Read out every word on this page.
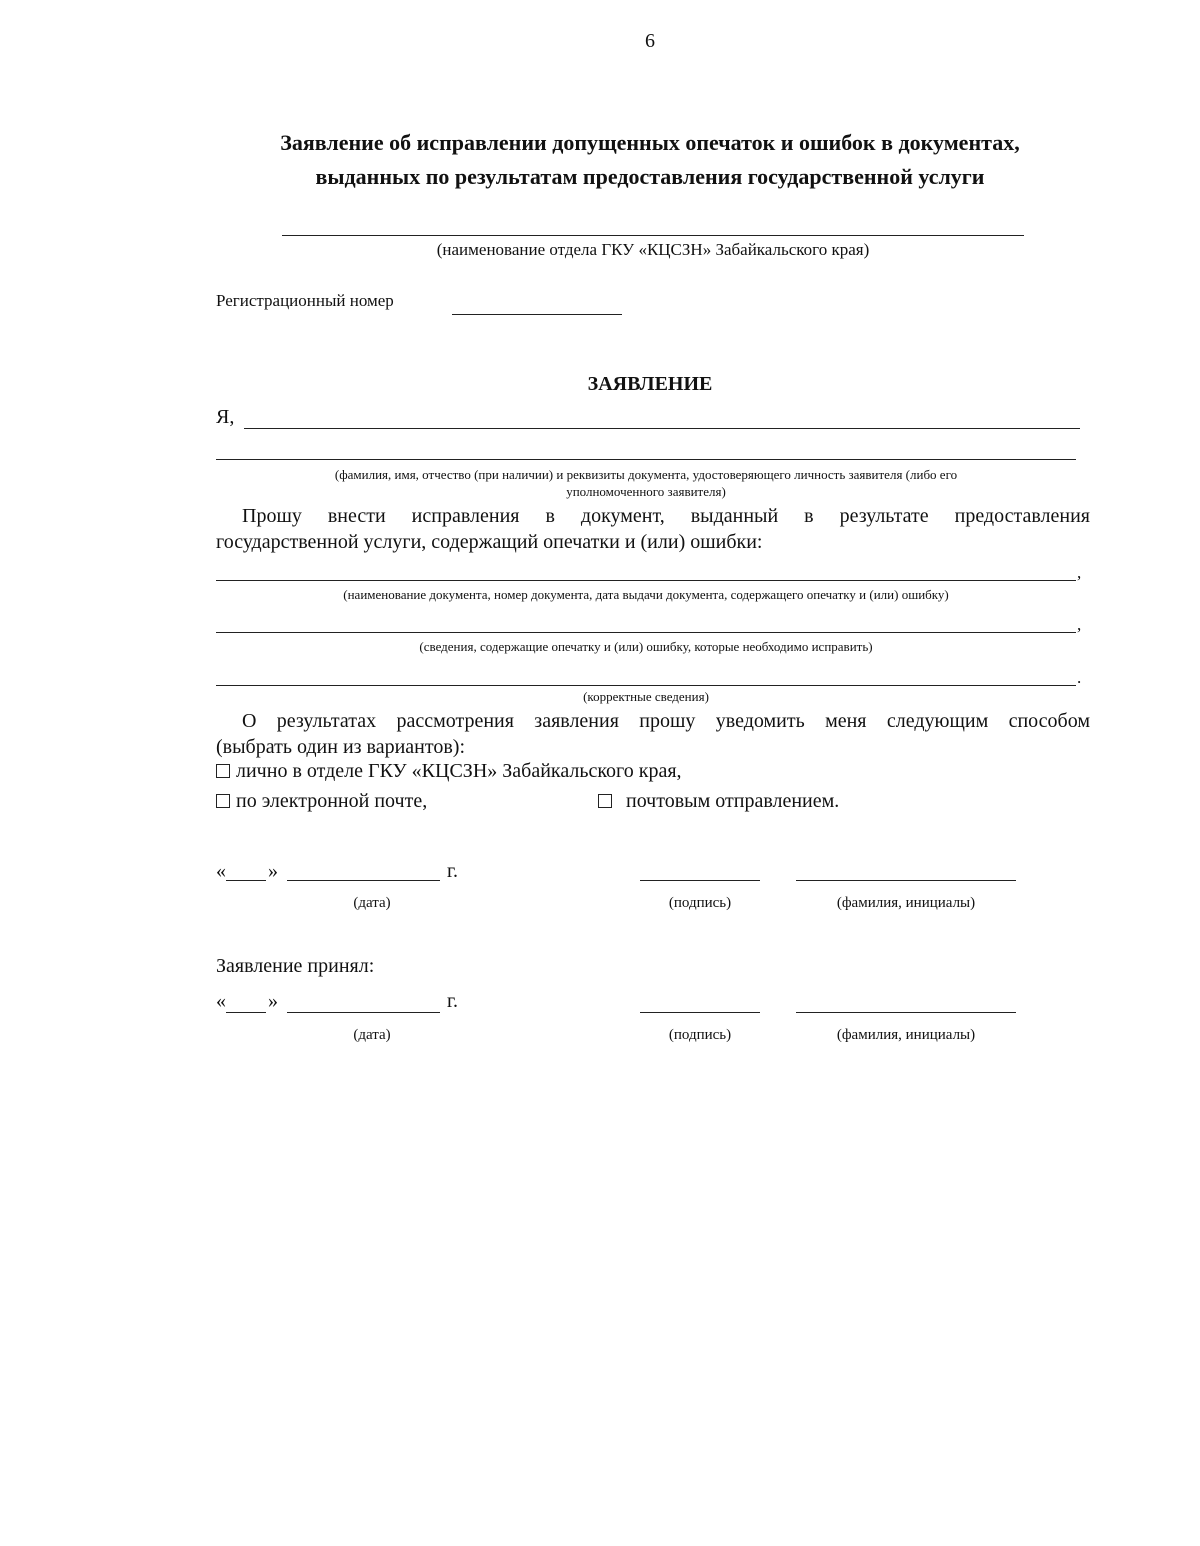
6
Заявление об исправлении допущенных опечаток и ошибок в документах,
выданных по результатам предоставления государственной услуги
(наименование отдела ГКУ «КЦСЗН» Забайкальского края)
Регистрационный номер
ЗАЯВЛЕНИЕ
Я,
(фамилия, имя, отчество (при наличии) и реквизиты документа, удостоверяющего личность заявителя (либо его
уполномоченного заявителя)
Прошу внести исправления в документ, выданный в результате предоставления
государственной услуги, содержащий опечатки и (или) ошибки:
,
(наименование документа, номер документа, дата выдачи документа, содержащего опечатку и (или) ошибку)
,
(сведения, содержащие опечатку и (или) ошибку, которые необходимо исправить)
.
(корректные сведения)
О результатах рассмотрения заявления прошу уведомить меня следующим способом
(выбрать один из вариантов):
лично в отделе ГКУ «КЦСЗН» Забайкальского края,
по электронной почте,	почтовым отправлением.
« »	г.
(дата)	(подпись)	(фамилия, инициалы)
Заявление принял:
« »	г.
(дата)	(подпись)	(фамилия, инициалы)
